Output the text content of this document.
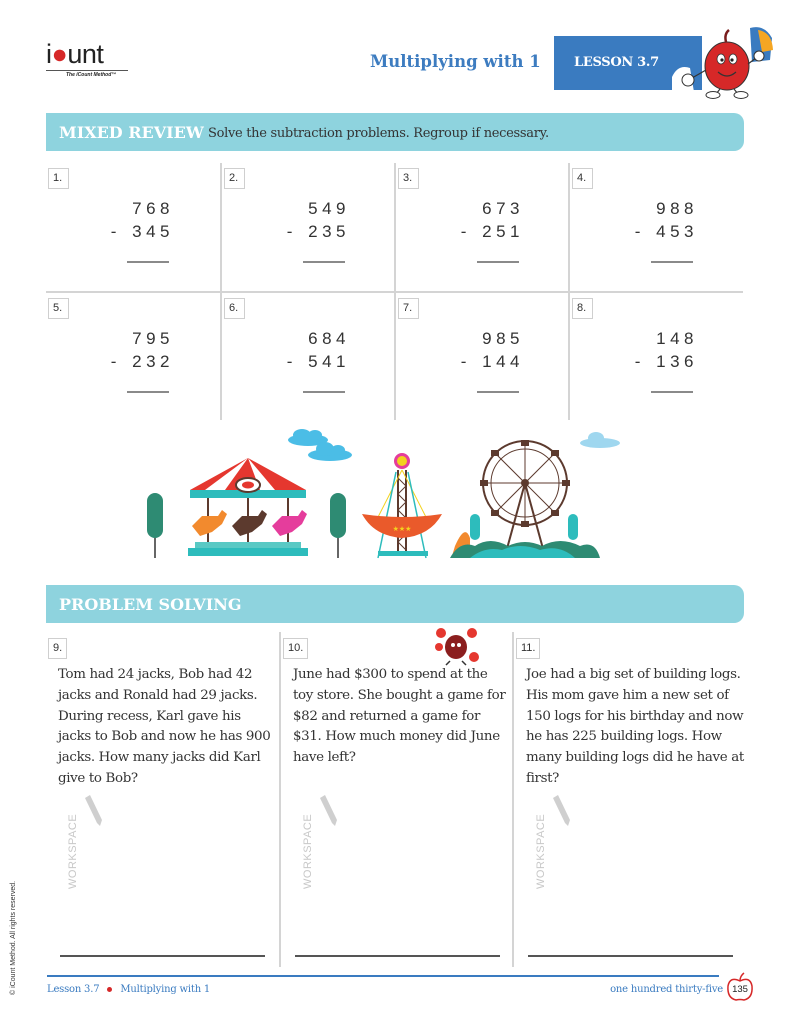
i●unt
The iCount Method™
Multiplying with 1	LESSON 3.7
MIXED REVIEW Solve the subtraction problems. Regroup if necessary.
1.
768
- 345
2.
549
- 235
3.
673
- 251
4.
988
- 453
5.
795
- 232
6.
684
- 541
7.
985
- 144
8.
148
- 136
★★★
PROBLEM SOLVING
9.
Tom had 24 jacks, Bob had 42 jacks and Ronald had 29 jacks. During recess, Karl gave his jacks to Bob and now he has 900 jacks. How many jacks did Karl give to Bob?
WORKSPACE
10.
June had $300 to spend at the toy store. She bought a game for $82 and returned a game for $31. How much money did June have left?
WORKSPACE
11.
Joe had a big set of building logs. His mom gave him a new set of 150 logs for his birthday and now he has 225 building logs. How many building logs did he have at first?
WORKSPACE
© iCount Method. All rights reserved.	Lesson 3.7 Multiplying with 1	one hundred thirty-five 135
